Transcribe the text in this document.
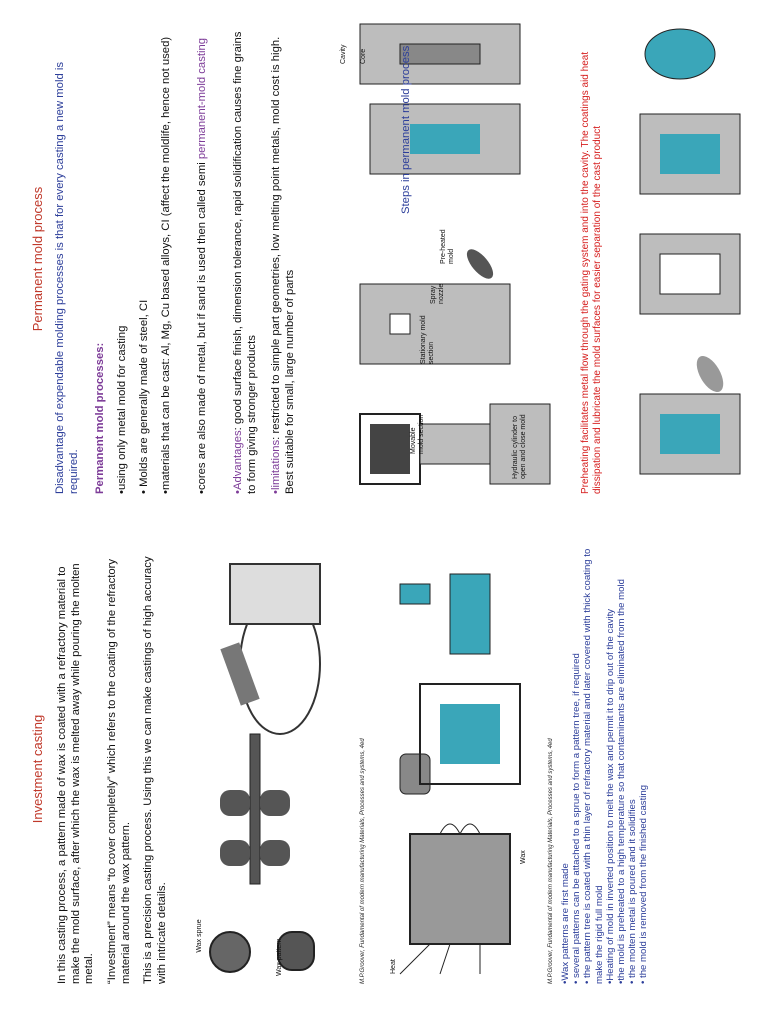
Investment casting In this casting process, a pattern made of wax is coated with a refractory material to make the mold surface, after which the wax is melted away while pouring the molten metal. “Investment” means “to cover completely” which refers to the coating of the refractory material around the wax pattern. This is a precision casting process. Using this we can make castings of high accuracy with intricate details.	Wax sprue
Wax pattern	M.P.Groover, Fundamental of modern manufacturing Materials, Processes and systems, 4ed	Heat
Wax	M.P.Groover, Fundamental of modern manufacturing Materials, Processes and systems, 4ed •Wax patterns are first made • several patterns can be attached to a sprue to form a pattern tree, if required • the pattern tree is coated with a thin layer of refractory material and later covered with thick coating to make the rigid full mold •Heating of mold in inverted position to melt the wax and permit it to drip out of the cavity •the mold is preheated to a high temperature so that contaminants are eliminated from the mold • the molten metal is poured and it solidifies • the mold is removed from the finished casting
Permanent mold process Disadvantage of expendable molding processes is that for every casting a new mold is required. Permanent mold processes: •using only metal mold for casting • Molds are generally made of steel, CI •materials that can be cast: Al, Mg, Cu based alloys, CI (affect the moldlife, hence not used) •cores are also made of metal, but if sand is used then called semi permanent-mold casting
•Advantages: good surface finish, dimension tolerance, rapid solidification causes fine grains to form giving stronger products •limitations: restricted to simple part geometries, low melting point metals, mold cost is high. Best suitable for small, large number of parts	Hydraulic cylinder to open and close mold
Movable mold section
Stationary mold section
Spray nozzle
Pre-heated mold
Cavity Core	Steps in permanent mold process	Preheating facilitates metal flow through the gating system and into the cavity. The coatings aid heat dissipation and lubricate the mold surfaces for easier separation of the cast product
